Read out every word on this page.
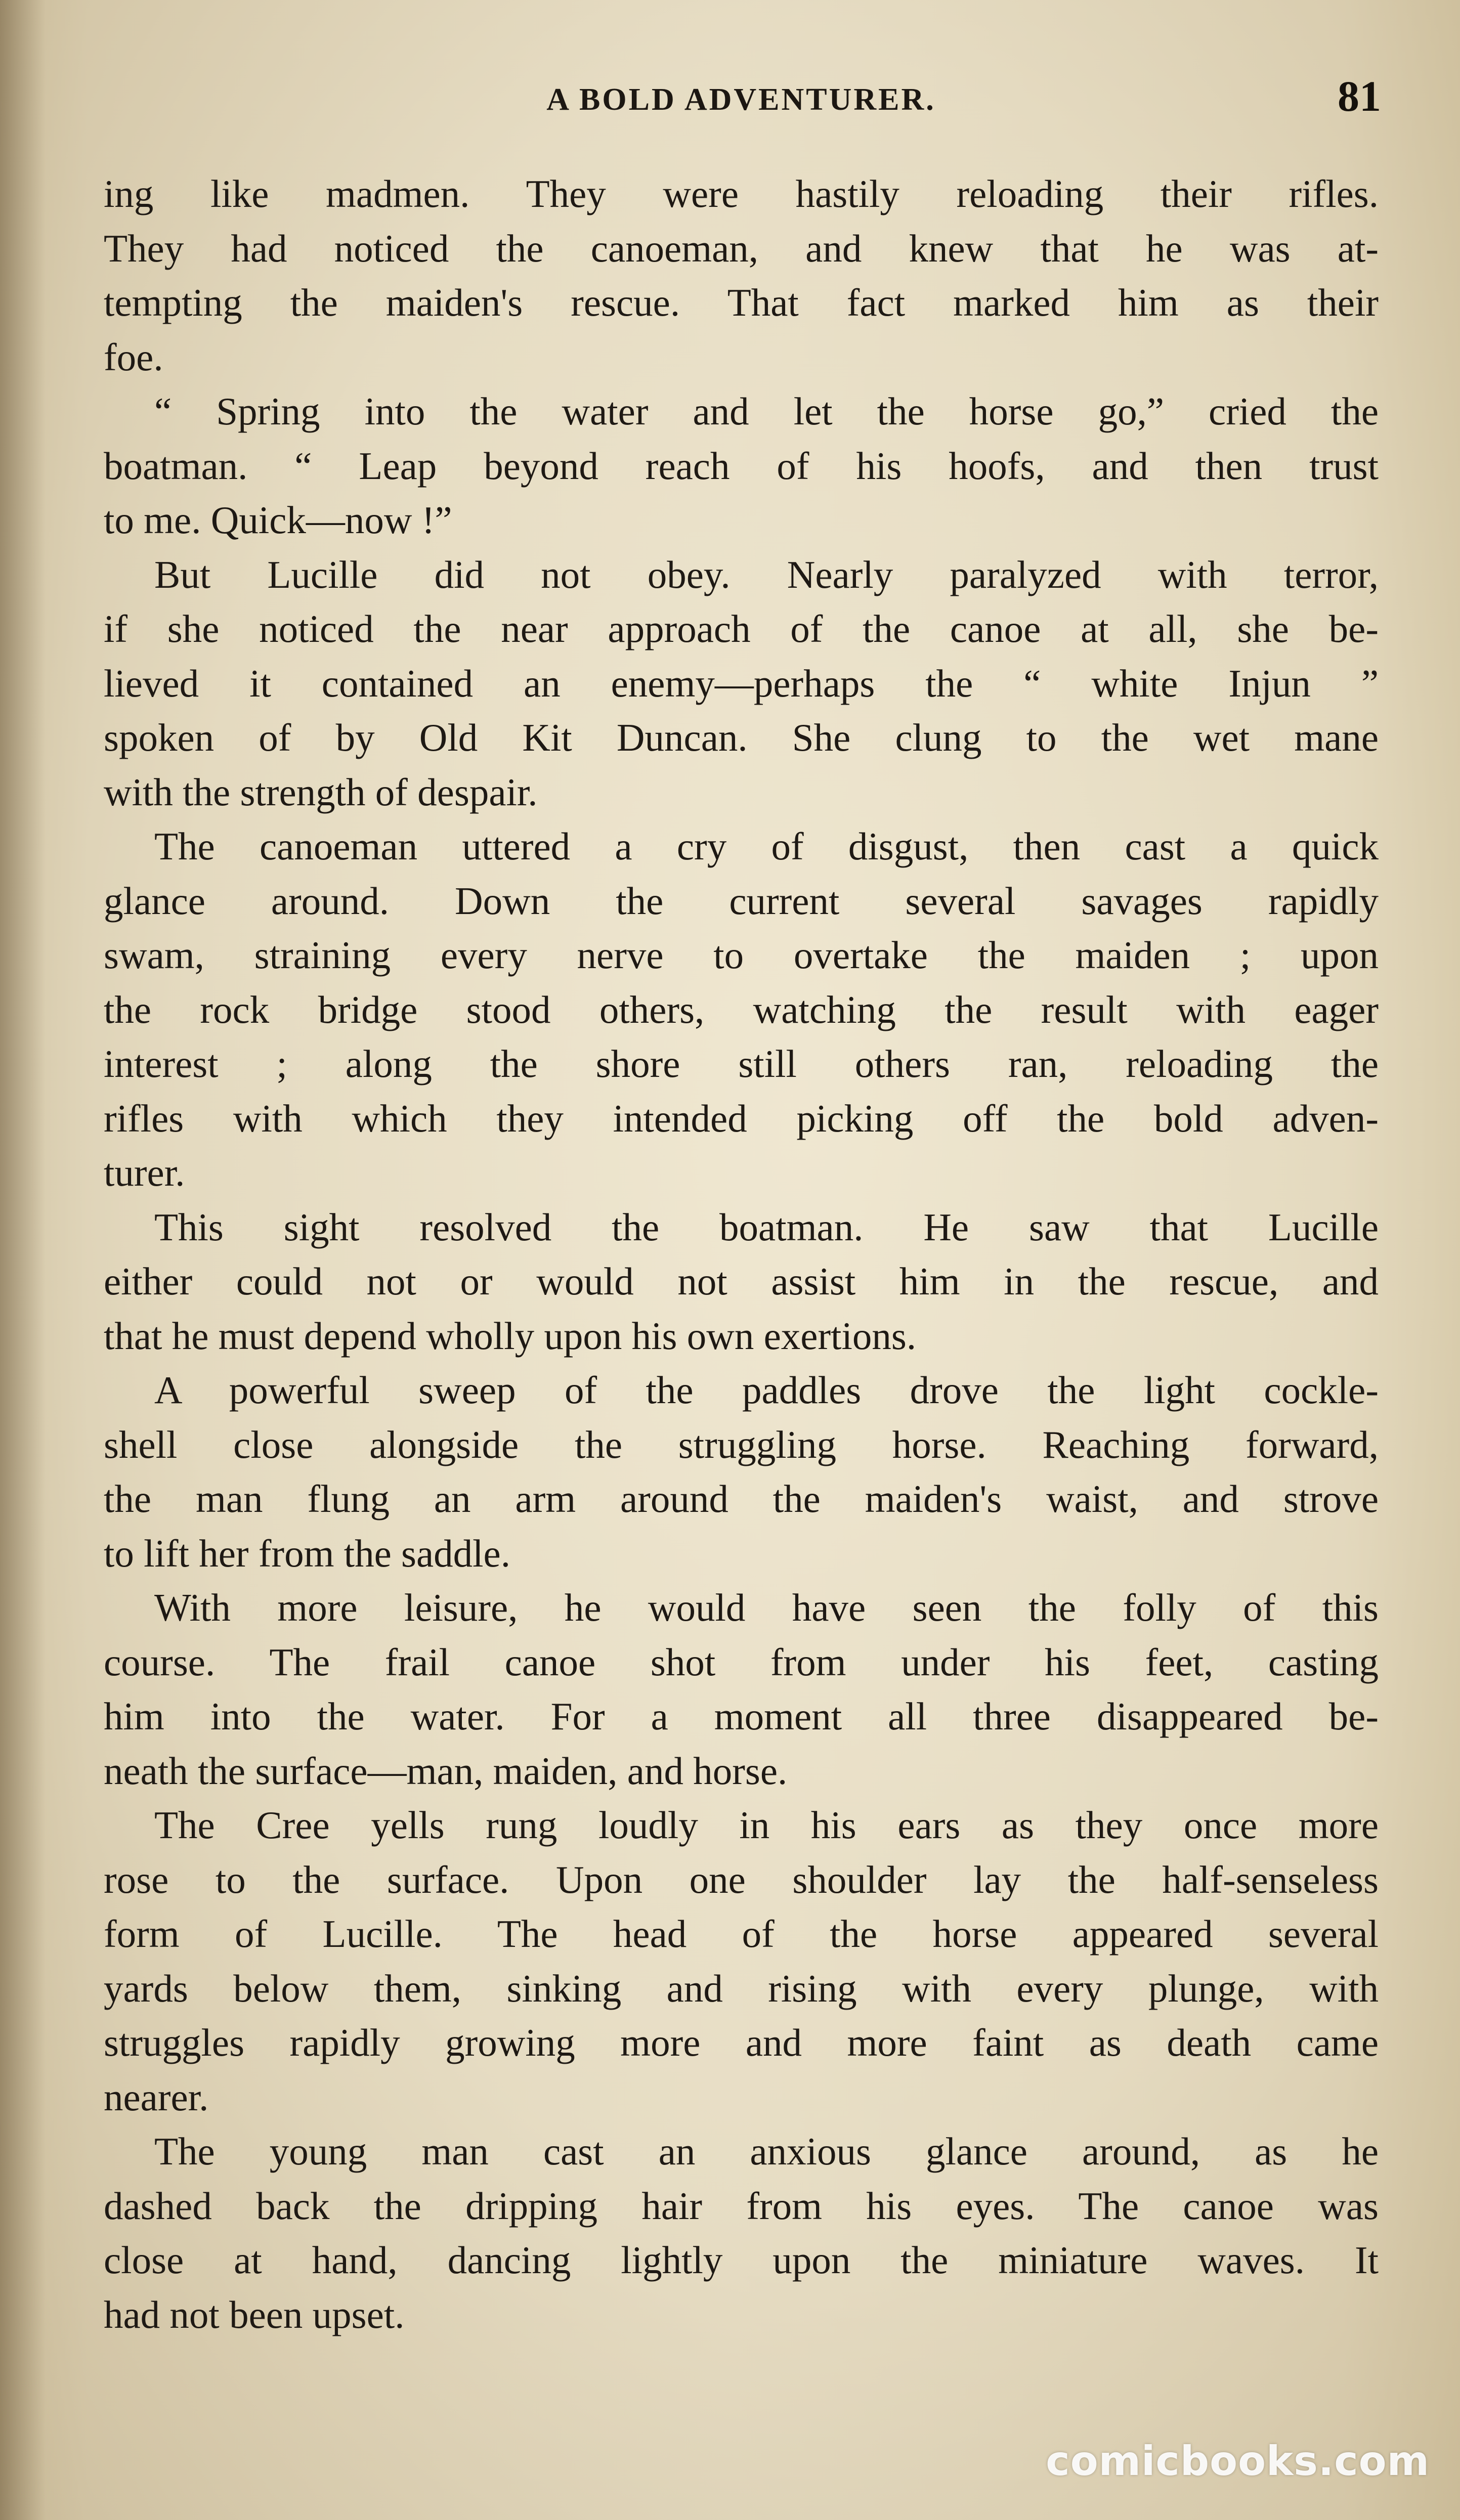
A BOLD ADVENTURER.	81

ing like madmen. They were hastily reloading their rifles.
They had noticed the canoeman, and knew that he was at-
tempting the maiden's rescue. That fact marked him as their
foe.

“ Spring into the water and let the horse go,” cried the
boatman. “ Leap beyond reach of his hoofs, and then trust
to me. Quick—now !”

But Lucille did not obey. Nearly paralyzed with terror,
if she noticed the near approach of the canoe at all, she be-
lieved it contained an enemy—perhaps the “ white Injun ”
spoken of by Old Kit Duncan. She clung to the wet mane
with the strength of despair.

The canoeman uttered a cry of disgust, then cast a quick
glance around. Down the current several savages rapidly
swam, straining every nerve to overtake the maiden ; upon
the rock bridge stood others, watching the result with eager
interest ; along the shore still others ran, reloading the
rifles with which they intended picking off the bold adven-
turer.

This sight resolved the boatman. He saw that Lucille
either could not or would not assist him in the rescue, and
that he must depend wholly upon his own exertions.

A powerful sweep of the paddles drove the light cockle-
shell close alongside the struggling horse. Reaching forward,
the man flung an arm around the maiden's waist, and strove
to lift her from the saddle.

With more leisure, he would have seen the folly of this
course. The frail canoe shot from under his feet, casting
him into the water. For a moment all three disappeared be-
neath the surface—man, maiden, and horse.

The Cree yells rung loudly in his ears as they once more
rose to the surface. Upon one shoulder lay the half-senseless
form of Lucille. The head of the horse appeared several
yards below them, sinking and rising with every plunge, with
struggles rapidly growing more and more faint as death came
nearer.

The young man cast an anxious glance around, as he
dashed back the dripping hair from his eyes. The canoe was
close at hand, dancing lightly upon the miniature waves. It
had not been upset.

comicbooks.com
